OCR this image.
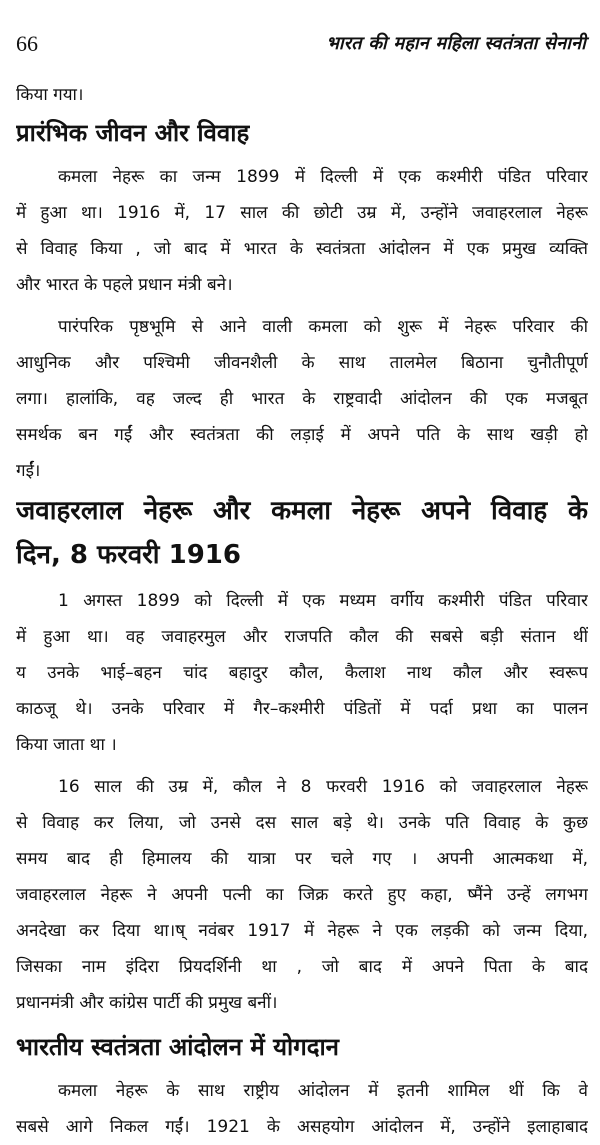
66	भारत की महान महिला स्वतंत्रता सेनानी
किया गया।
प्रारंभिक जीवन और विवाह
कमला नेहरू का जन्म 1899 में दिल्ली में एक कश्मीरी पंडित परिवार
में हुआ था। 1916 में, 17 साल की छोटी उम्र में, उन्होंने जवाहरलाल नेहरू
से विवाह किया , जो बाद में भारत के स्वतंत्रता आंदोलन में एक प्रमुख व्यक्ति
और भारत के पहले प्रधान मंत्री बने।
पारंपरिक पृष्ठभूमि से आने वाली कमला को शुरू में नेहरू परिवार की
आधुनिक और पश्चिमी जीवनशैली के साथ तालमेल बिठाना चुनौतीपूर्ण
लगा। हालांकि, वह जल्द ही भारत के राष्ट्रवादी आंदोलन की एक मजबूत
समर्थक बन गईं और स्वतंत्रता की लड़ाई में अपने पति के साथ खड़ी हो
गईं।
जवाहरलाल नेहरू और कमला नेहरू अपने विवाह के
दिन, 8 फरवरी 1916
1 अगस्त 1899 को दिल्ली में एक मध्यम वर्गीय कश्मीरी पंडित परिवार
में हुआ था। वह जवाहरमुल और राजपति कौल की सबसे बड़ी संतान थीं
य उनके भाई–बहन चांद बहादुर कौल, कैलाश नाथ कौल और स्वरूप
काठजू थे। उनके परिवार में गैर–कश्मीरी पंडितों में पर्दा प्रथा का पालन
किया जाता था ।
16 साल की उम्र में, कौल ने 8 फरवरी 1916 को जवाहरलाल नेहरू
से विवाह कर लिया, जो उनसे दस साल बड़े थे। उनके पति विवाह के कुछ
समय बाद ही हिमालय की यात्रा पर चले गए । अपनी आत्मकथा में,
जवाहरलाल नेहरू ने अपनी पत्नी का जिक्र करते हुए कहा, ष्मैंने उन्हें लगभग
अनदेखा कर दिया था।ष् नवंबर 1917 में नेहरू ने एक लड़की को जन्म दिया,
जिसका नाम इंदिरा प्रियदर्शिनी था , जो बाद में अपने पिता के बाद
प्रधानमंत्री और कांग्रेस पार्टी की प्रमुख बनीं।
भारतीय स्वतंत्रता आंदोलन में योगदान
कमला नेहरू के साथ राष्ट्रीय आंदोलन में इतनी शामिल थीं कि वे
सबसे आगे निकल गईं। 1921 के असहयोग आंदोलन में, उन्होंने इलाहाबाद
